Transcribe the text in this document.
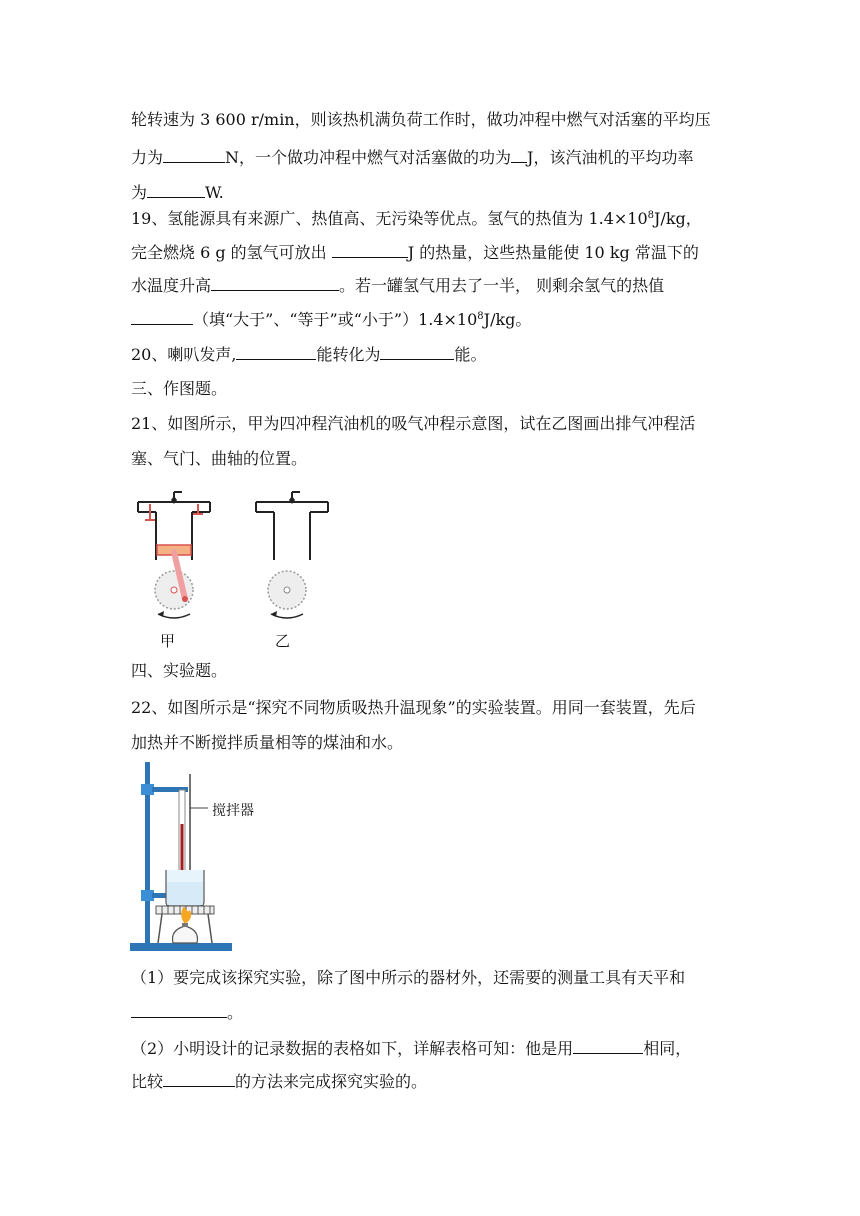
轮转速为 3 600 r/min，则该热机满负荷工作时，做功冲程中燃气对活塞的平均压
力为	N，一个做功冲程中燃气对活塞做的功为 J，该汽油机的平均功率
为	W.
19、氢能源具有来源广、热值高、无污染等优点。氢气的热值为 $1.4\times 10^8J/kg$，
完全燃烧 6 g 的氢气可放出	J 的热量，这些热量能使 10 kg 常温下的
水温度升高	。若一罐氢气用去了一半， 则剩余氢气的热值
（填“大于”、“等于”或“小于$”)1.4\times 10^8J/kg$。
20、喇叭发声,	能转化为	能。
三、作图题。
21、如图所示，甲为四冲程汽油机的吸气冲程示意图，试在乙图画出排气冲程活
塞、气门、曲轴的位置。
甲	乙
四、实验题。
22、如图所示是“探究不同物质吸热升温现象”的实验装置。用同一套装置，先后
加热并不断搅拌质量相等的煤油和水。
搅拌器
（1）要完成该探究实验，除了图中所示的器材外，还需要的测量工具有天平和
。
（2）小明设计的记录数据的表格如下，详解表格可知：他是用	相同，
比较	的方法来完成探究实验的。
